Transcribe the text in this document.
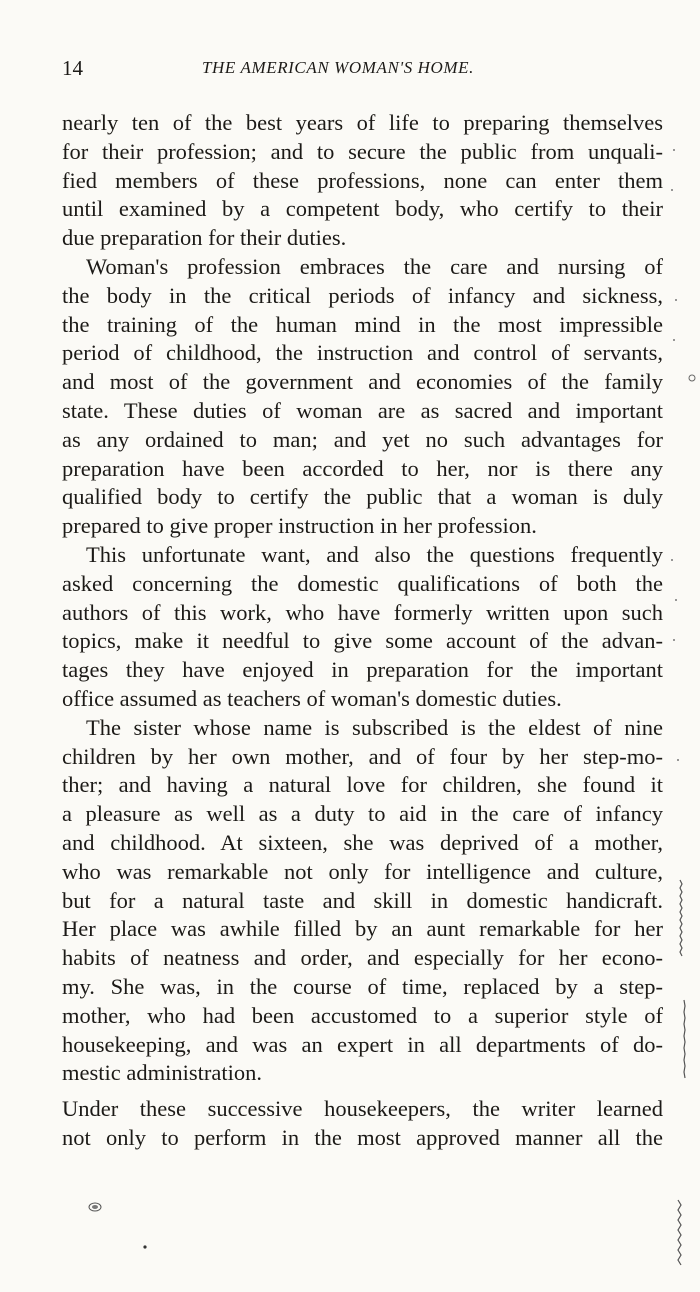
14	THE AMERICAN WOMAN'S HOME.

nearly ten of the best years of life to preparing themselves
for their profession; and to secure the public from unquali-
fied members of these professions, none can enter them
until examined by a competent body, who certify to their
due preparation for their duties.

Woman's profession embraces the care and nursing of
the body in the critical periods of infancy and sickness,
the training of the human mind in the most impressible
period of childhood, the instruction and control of servants,
and most of the government and economies of the family
state. These duties of woman are as sacred and important
as any ordained to man; and yet no such advantages for
preparation have been accorded to her, nor is there any
qualified body to certify the public that a woman is duly
prepared to give proper instruction in her profession.

This unfortunate want, and also the questions frequently
asked concerning the domestic qualifications of both the
authors of this work, who have formerly written upon such
topics, make it needful to give some account of the advan-
tages they have enjoyed in preparation for the important
office assumed as teachers of woman's domestic duties.

The sister whose name is subscribed is the eldest of nine
children by her own mother, and of four by her step-mo-
ther; and having a natural love for children, she found it
a pleasure as well as a duty to aid in the care of infancy
and childhood. At sixteen, she was deprived of a mother,
who was remarkable not only for intelligence and culture,
but for a natural taste and skill in domestic handicraft.
Her place was awhile filled by an aunt remarkable for her
habits of neatness and order, and especially for her econo-
my. She was, in the course of time, replaced by a step-
mother, who had been accustomed to a superior style of
housekeeping, and was an expert in all departments of do-
mestic administration.

Under these successive housekeepers, the writer learned
not only to perform in the most approved manner all the
